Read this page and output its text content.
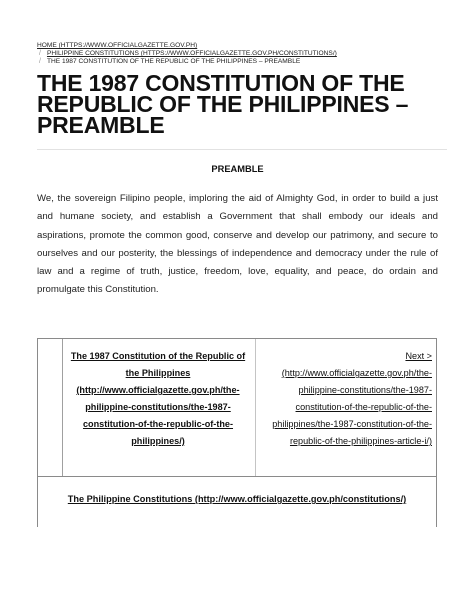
HOME (HTTPS://WWW.OFFICIALGAZETTE.GOV.PH)
/ PHILIPPINE CONSTITUTIONS (HTTPS://WWW.OFFICIALGAZETTE.GOV.PH/CONSTITUTIONS/)
/ THE 1987 CONSTITUTION OF THE REPUBLIC OF THE PHILIPPINES – PREAMBLE
THE 1987 CONSTITUTION OF THE REPUBLIC OF THE PHILIPPINES – PREAMBLE
PREAMBLE

We, the sovereign Filipino people, imploring the aid of Almighty God, in order to build a just and humane society, and establish a Government that shall embody our ideals and aspirations, promote the common good, conserve and develop our patrimony, and secure to ourselves and our posterity, the blessings of independence and democracy under the rule of law and a regime of truth, justice, freedom, love, equality, and peace, do ordain and promulgate this Constitution.

The 1987 Constitution of the Republic of the Philippines (http://www.officialgazette.gov.ph/the-philippine-constitutions/the-1987-constitution-of-the-republic-of-the-philippines/)
Next > (http://www.officialgazette.gov.ph/the-philippine-constitutions/the-1987-constitution-of-the-republic-of-the-philippines/the-1987-constitution-of-the-republic-of-the-philippines-article-i/)
The Philippine Constitutions (http://www.officialgazette.gov.ph/constitutions/)
